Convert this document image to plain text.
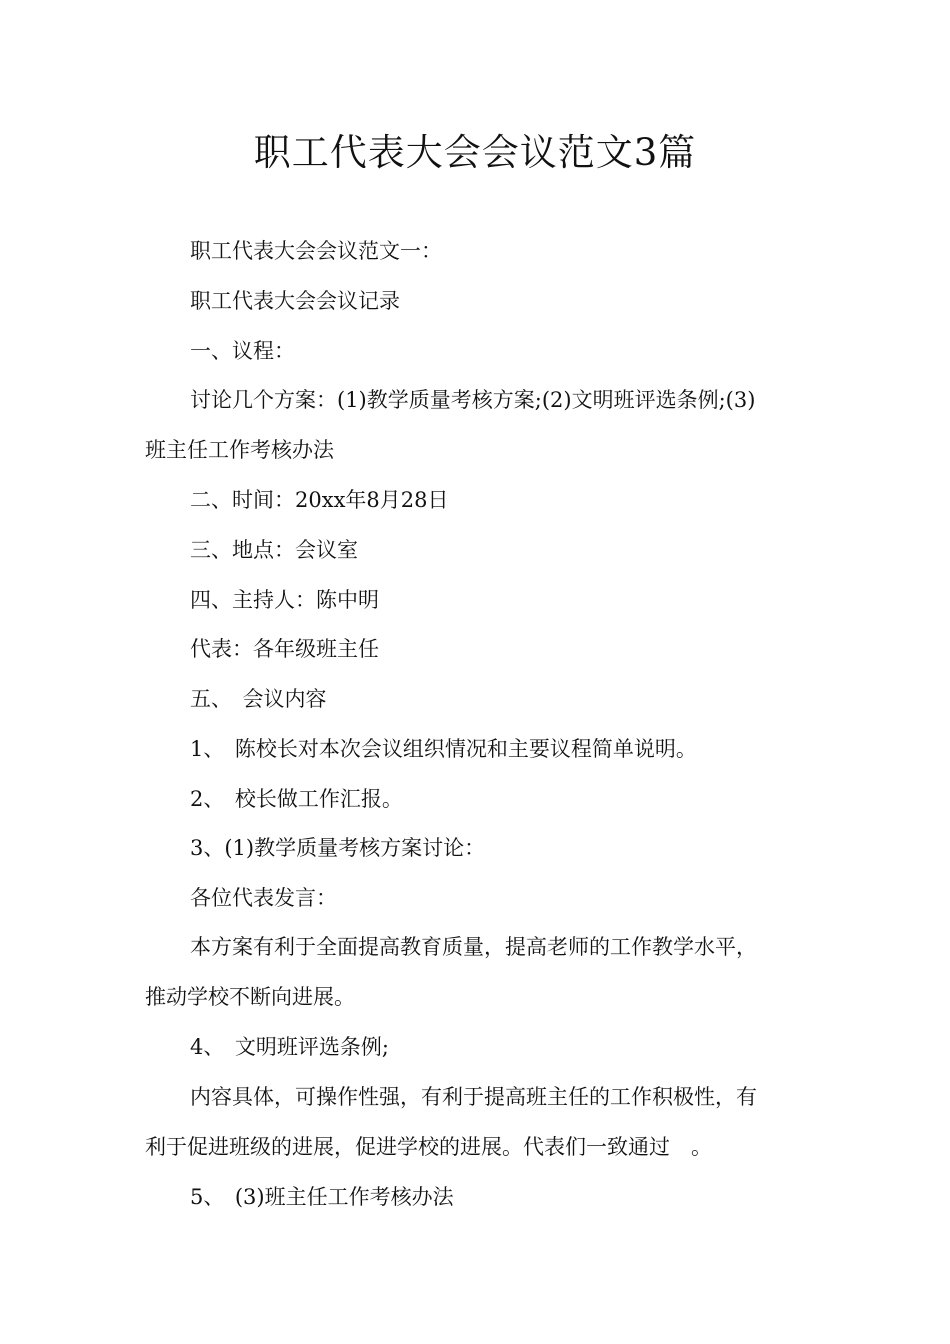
职工代表大会会议范文3篇

职工代表大会会议范文一：

职工代表大会会议记录

一、议程：

讨论几个方案：(1)教学质量考核方案;(2)文明班评选条例;(3)
班主任工作考核办法

二、时间：20xx年8月28日

三、地点：会议室

四、主持人：陈中明

代表：各年级班主任

五、　会议内容

1、　陈校长对本次会议组织情况和主要议程简单说明。

2、　校长做工作汇报。

3、(1)教学质量考核方案讨论：

各位代表发言：

本方案有利于全面提高教育质量，提高老师的工作教学水平，
推动学校不断向进展。

4、　文明班评选条例;

内容具体，可操作性强，有利于提高班主任的工作积极性，有
利于促进班级的进展，促进学校的进展。代表们一致通过　。

5、　(3)班主任工作考核办法
